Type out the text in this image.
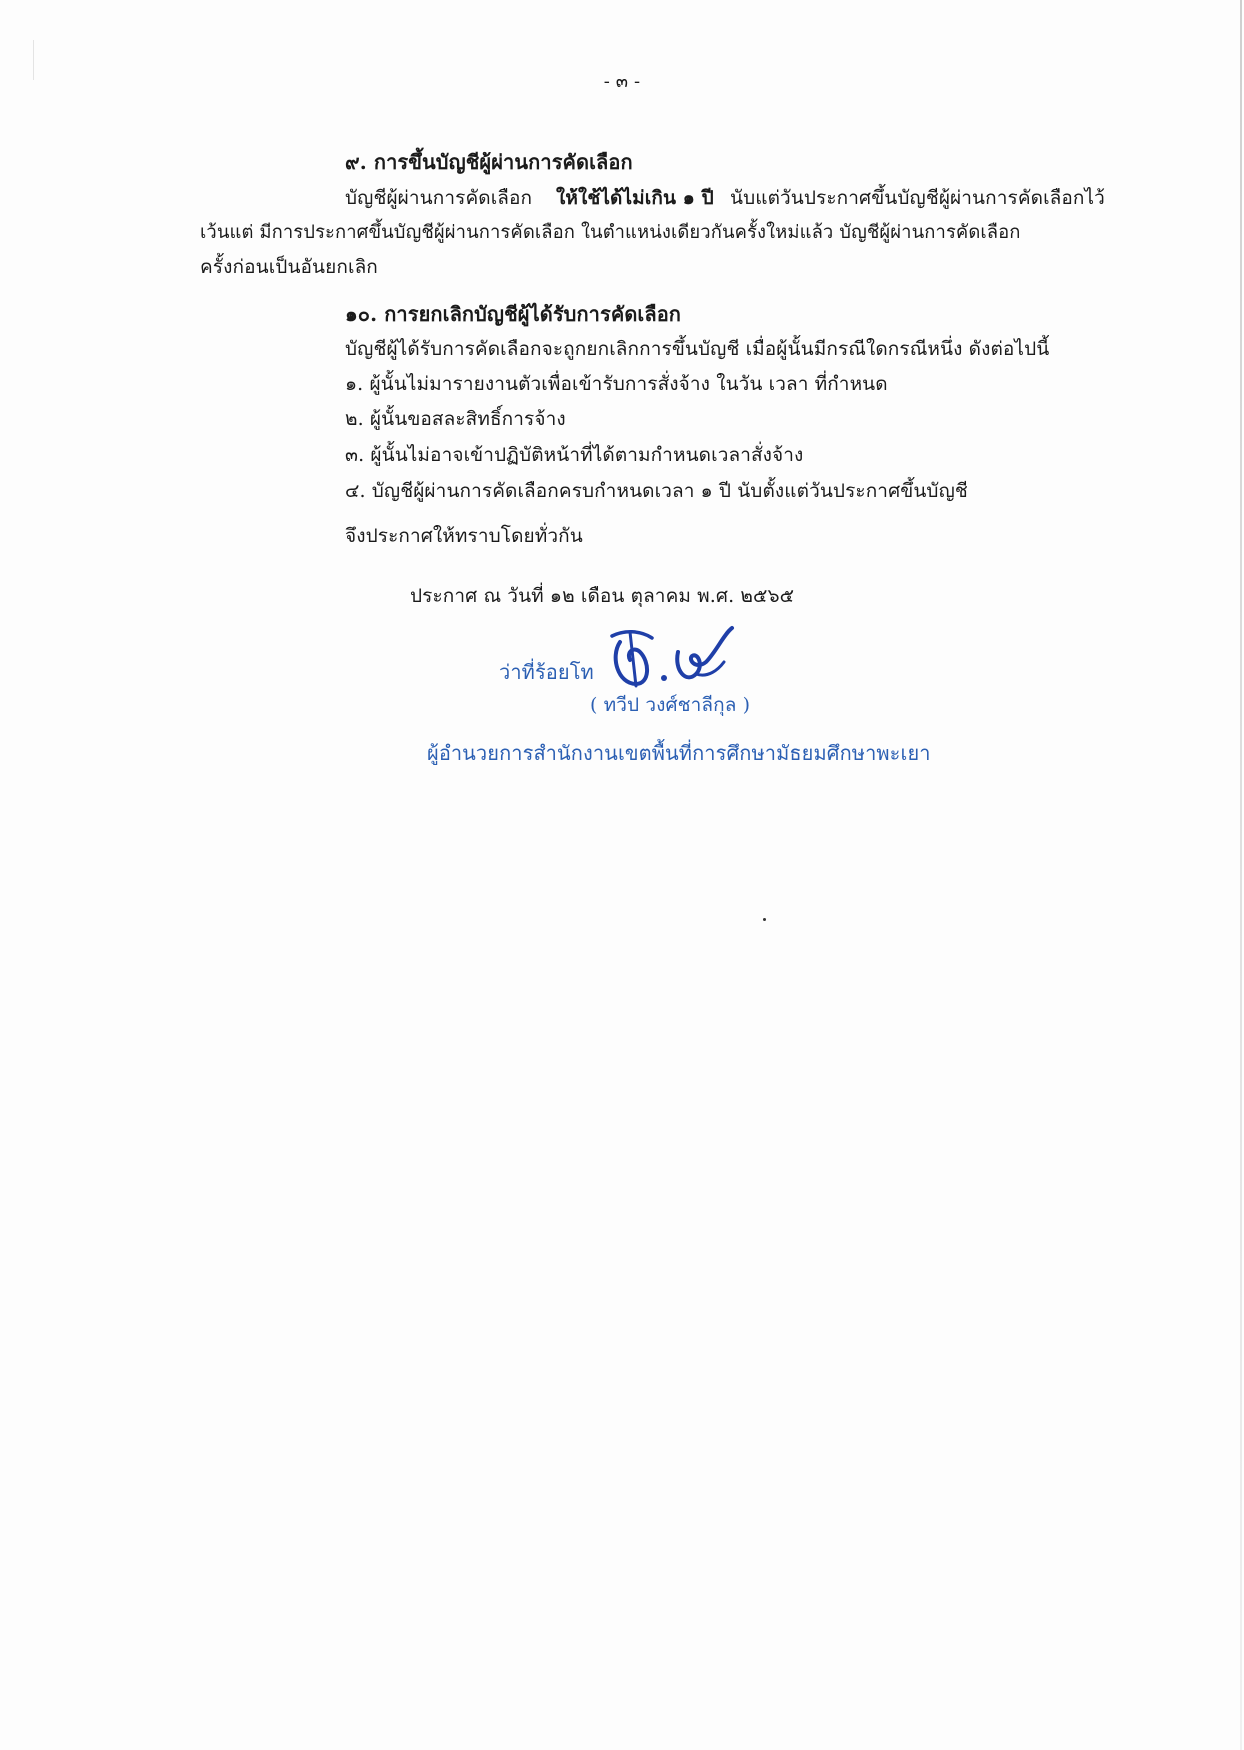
- ๓ -
๙. การขึ้นบัญชีผู้ผ่านการคัดเลือก
บัญชีผู้ผ่านการคัดเลือก ให้ใช้ได้ไม่เกิน ๑ ปี นับแต่วันประกาศขึ้นบัญชีผู้ผ่านการคัดเลือกไว้
เว้นแต่ มีการประกาศขึ้นบัญชีผู้ผ่านการคัดเลือก ในตำแหน่งเดียวกันครั้งใหม่แล้ว บัญชีผู้ผ่านการคัดเลือก
ครั้งก่อนเป็นอันยกเลิก
๑๐. การยกเลิกบัญชีผู้ได้รับการคัดเลือก
บัญชีผู้ได้รับการคัดเลือกจะถูกยกเลิกการขึ้นบัญชี เมื่อผู้นั้นมีกรณีใดกรณีหนึ่ง ดังต่อไปนี้
๑. ผู้นั้นไม่มารายงานตัวเพื่อเข้ารับการสั่งจ้าง ในวัน เวลา ที่กำหนด
๒. ผู้นั้นขอสละสิทธิ์การจ้าง
๓. ผู้นั้นไม่อาจเข้าปฏิบัติหน้าที่ได้ตามกำหนดเวลาสั่งจ้าง
๔. บัญชีผู้ผ่านการคัดเลือกครบกำหนดเวลา ๑ ปี นับตั้งแต่วันประกาศขึ้นบัญชี
จึงประกาศให้ทราบโดยทั่วกัน
ประกาศ ณ วันที่ ๑๒ เดือน ตุลาคม พ.ศ. ๒๕๖๕
ว่าที่ร้อยโท
( ทวีป วงศ์ชาลีกุล )
ผู้อำนวยการสำนักงานเขตพื้นที่การศึกษามัธยมศึกษาพะเยา
